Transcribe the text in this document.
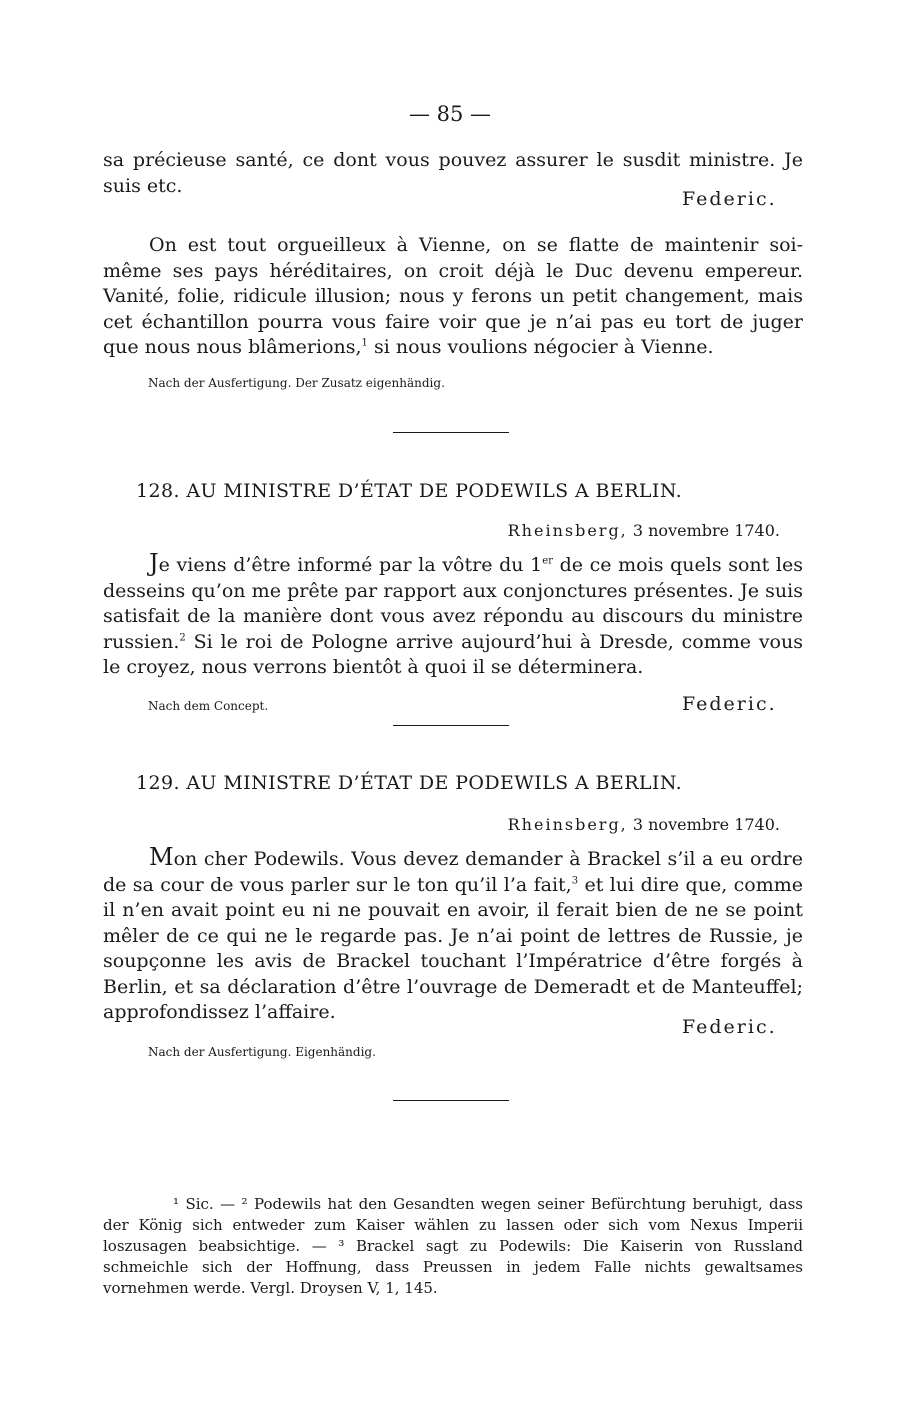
— 85 —

sa précieuse santé, ce dont vous pouvez assurer le susdit ministre. Je suis etc.

Federic.

On est tout orgueilleux à Vienne, on se flatte de maintenir soi-même ses pays héréditaires, on croit déjà le Duc devenu empereur. Vanité, folie, ridicule illusion; nous y ferons un petit changement, mais cet échantillon pourra vous faire voir que je n’ai pas eu tort de juger que nous nous blâmerions,$^1$ si nous voulions négocier à Vienne.

Nach der Ausfertigung. Der Zusatz eigenhändig.
128. AU MINISTRE D’ÉTAT DE PODEWILS A BERLIN.
Rheinsberg, 3 novembre 1740.

Je viens d’être informé par la vôtre du 1er de ce mois quels sont les desseins qu’on me prête par rapport aux conjonctures présentes. Je suis satisfait de la manière dont vous avez répondu au discours du ministre russien.$^2$ Si le roi de Pologne arrive aujourd’hui à Dresde, comme vous le croyez, nous verrons bientôt à quoi il se déterminera.

Nach dem Concept.	Federic.
129. AU MINISTRE D’ÉTAT DE PODEWILS A BERLIN.
Rheinsberg, 3 novembre 1740.

Mon cher Podewils. Vous devez demander à Brackel s’il a eu ordre de sa cour de vous parler sur le ton qu’il l’a fait,$^3$ et lui dire que, comme il n’en avait point eu ni ne pouvait en avoir, il ferait bien de ne se point mêler de ce qui ne le regarde pas. Je n’ai point de lettres de Russie, je soupçonne les avis de Brackel touchant l’Impératrice d’être forgés à Berlin, et sa déclaration d’être l’ouvrage de Demeradt et de Manteuffel; approfondissez l’affaire.

Federic.
Nach der Ausfertigung. Eigenhändig.

¹ Sic. — ² Podewils hat den Gesandten wegen seiner Befürchtung beruhigt, dass der König sich entweder zum Kaiser wählen zu lassen oder sich vom Nexus Imperii loszusagen beabsichtige. — ³ Brackel sagt zu Podewils: Die Kaiserin von Russland schmeichle sich der Hoffnung, dass Preussen in jedem Falle nichts gewaltsames vornehmen werde. Vergl. Droysen V, 1, 145.
